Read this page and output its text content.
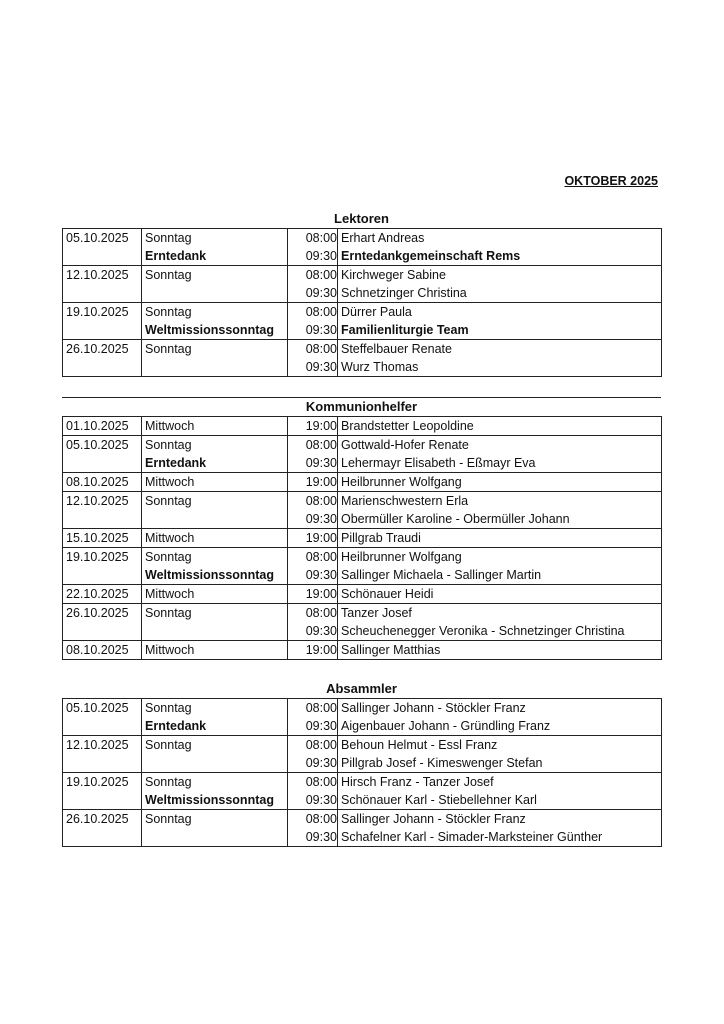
OKTOBER 2025
Lektoren
05.10.2025	Sonntag	08:00	Erhart Andreas
	Erntedank	09:30	Erntedankgemeinschaft Rems
12.10.2025	Sonntag	08:00	Kirchweger Sabine
		09:30	Schnetzinger Christina
19.10.2025	Sonntag	08:00	Dürrer Paula
	Weltmissionssonntag	09:30	Familienliturgie Team
26.10.2025	Sonntag	08:00	Steffelbauer Renate
		09:30	Wurz Thomas
Kommunionhelfer
01.10.2025	Mittwoch	19:00	Brandstetter Leopoldine
05.10.2025	Sonntag	08:00	Gottwald-Hofer Renate
	Erntedank	09:30	Lehermayr Elisabeth - Eßmayr Eva
08.10.2025	Mittwoch	19:00	Heilbrunner Wolfgang
12.10.2025	Sonntag	08:00	Marienschwestern Erla
		09:30	Obermüller Karoline - Obermüller Johann
15.10.2025	Mittwoch	19:00	Pillgrab Traudi
19.10.2025	Sonntag	08:00	Heilbrunner Wolfgang
	Weltmissionssonntag	09:30	Sallinger Michaela - Sallinger Martin
22.10.2025	Mittwoch	19:00	Schönauer Heidi
26.10.2025	Sonntag	08:00	Tanzer Josef
		09:30	Scheuchenegger Veronika - Schnetzinger Christina
08.10.2025	Mittwoch	19:00	Sallinger Matthias
Absammler
05.10.2025	Sonntag	08:00	Sallinger Johann - Stöckler Franz
	Erntedank	09:30	Aigenbauer Johann - Gründling Franz
12.10.2025	Sonntag	08:00	Behoun Helmut - Essl Franz
		09:30	Pillgrab Josef - Kimeswenger Stefan
19.10.2025	Sonntag	08:00	Hirsch Franz - Tanzer Josef
	Weltmissionssonntag	09:30	Schönauer Karl - Stiebellehner Karl
26.10.2025	Sonntag	08:00	Sallinger Johann - Stöckler Franz
		09:30	Schafelner Karl - Simader-Marksteiner Günther
